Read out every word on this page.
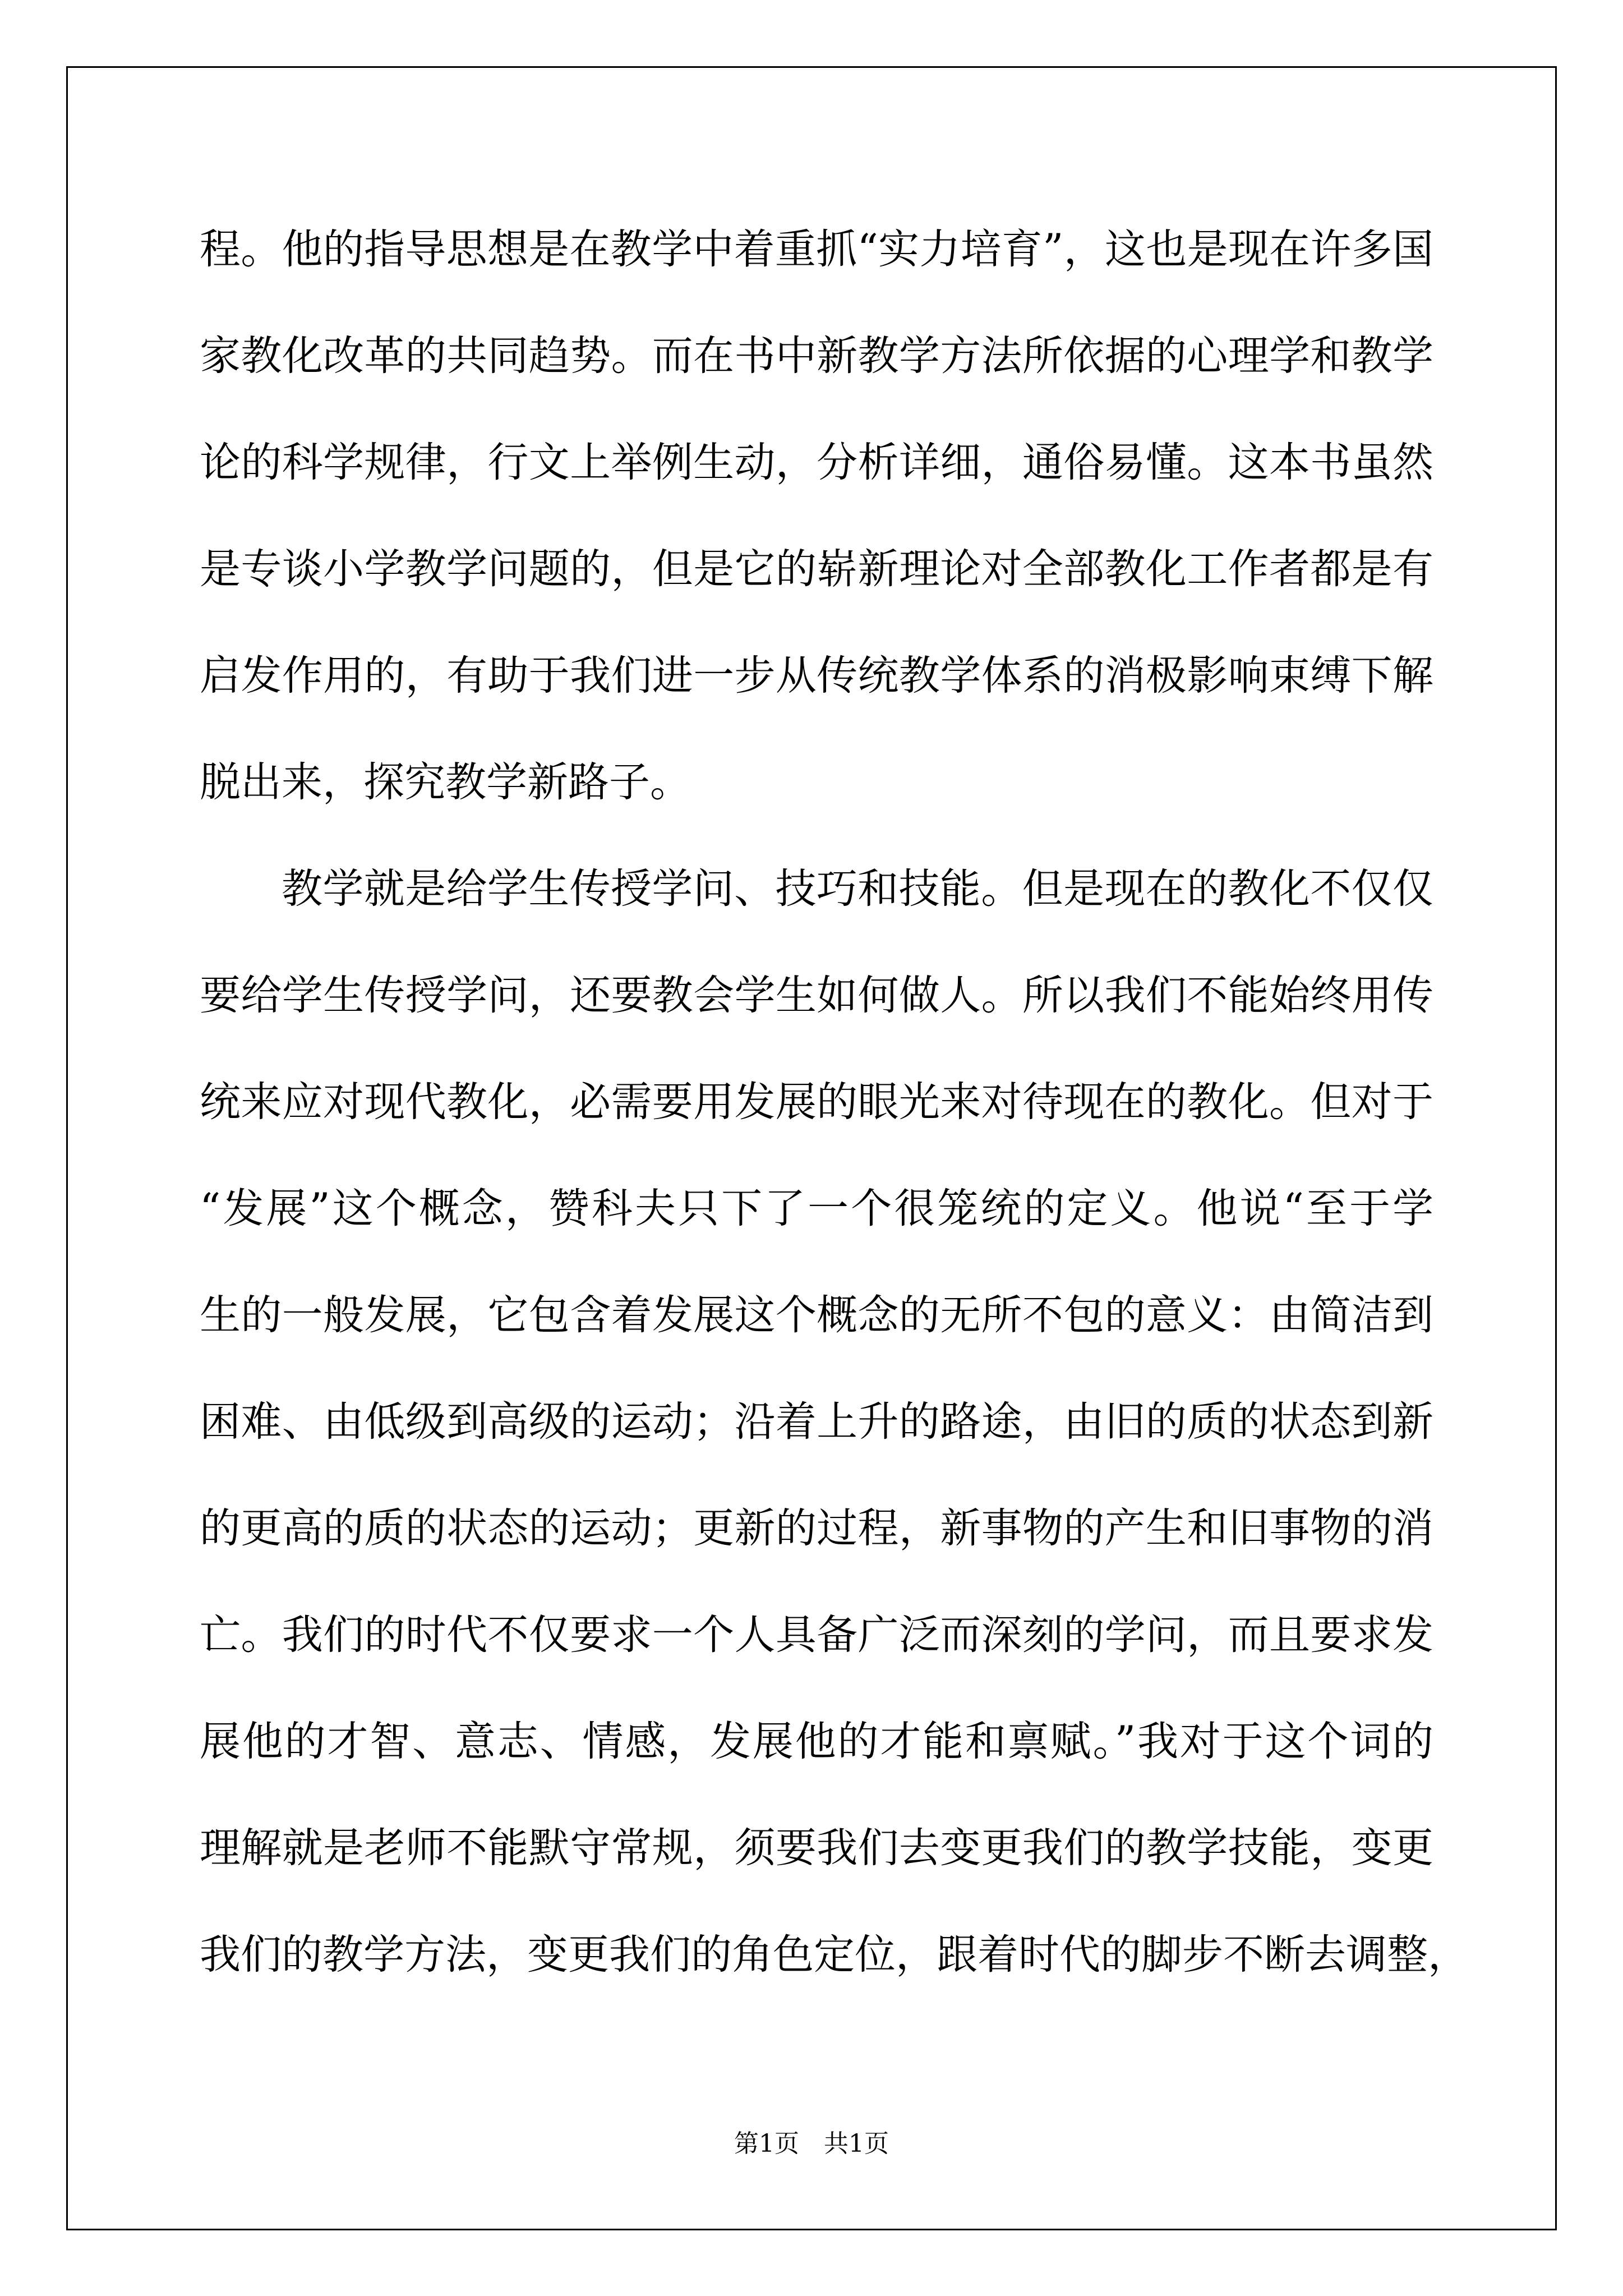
程。他的指导思想是在教学中着重抓“实力培育”，这也是现在许多国
家教化改革的共同趋势。而在书中新教学方法所依据的心理学和教学
论的科学规律，行文上举例生动，分析详细，通俗易懂。这本书虽然
是专谈小学教学问题的，但是它的崭新理论对全部教化工作者都是有
启发作用的，有助于我们进一步从传统教学体系的消极影响束缚下解
脱出来，探究教学新路子。
教学就是给学生传授学问、技巧和技能。但是现在的教化不仅仅
要给学生传授学问，还要教会学生如何做人。所以我们不能始终用传
统来应对现代教化，必需要用发展的眼光来对待现在的教化。但对于
“发展”这个概念，赞科夫只下了一个很笼统的定义。他说“至于学
生的一般发展，它包含着发展这个概念的无所不包的意义：由简洁到
困难、由低级到高级的运动；沿着上升的路途，由旧的质的状态到新
的更高的质的状态的运动；更新的过程，新事物的产生和旧事物的消
亡。我们的时代不仅要求一个人具备广泛而深刻的学问，而且要求发
展他的才智、意志、情感，发展他的才能和禀赋。”我对于这个词的
理解就是老师不能默守常规，须要我们去变更我们的教学技能，变更
我们的教学方法，变更我们的角色定位，跟着时代的脚步不断去调整，
第1页　共1页
